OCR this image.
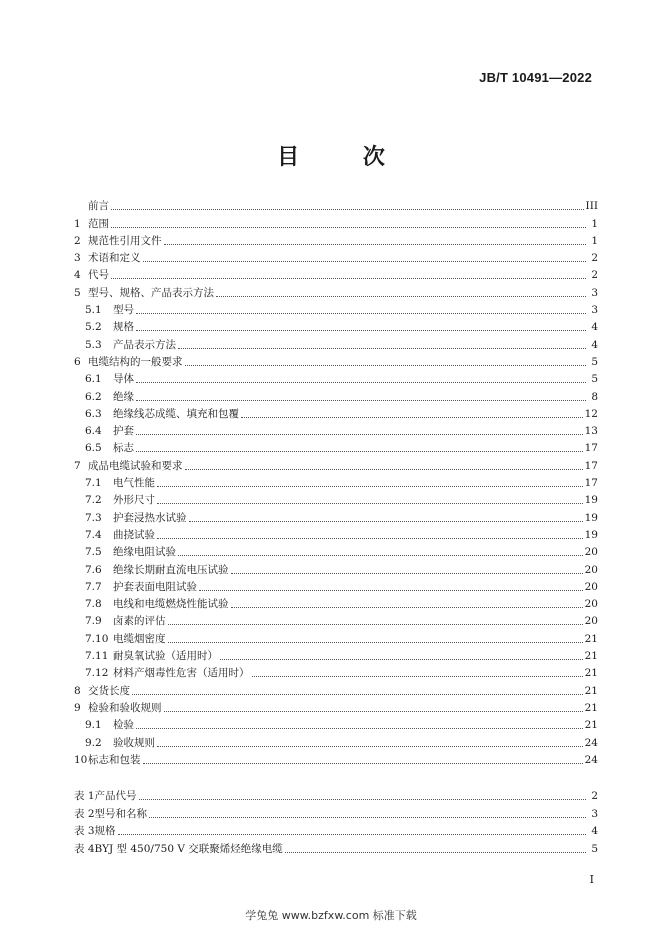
JB/T 10491—2022
目 次
前言	III
1 范围	1
2 规范性引用文件	1
3 术语和定义	2
4 代号	2
5 型号、规格、产品表示方法	3
5.1	型号	3
5.2	规格	4
5.3	产品表示方法	4
6 电缆结构的一般要求	5
6.1	导体	5
6.2	绝缘	8
6.3	绝缘线芯成缆、填充和包覆	12
6.4	护套	13
6.5	标志	17
7 成品电缆试验和要求	17
7.1	电气性能	17
7.2	外形尺寸	19
7.3	护套浸热水试验	19
7.4	曲挠试验	19
7.5	绝缘电阻试验	20
7.6	绝缘长期耐直流电压试验	20
7.7	护套表面电阻试验	20
7.8	电线和电缆燃烧性能试验	20
7.9	卤素的评估	20
7.10 电缆烟密度	21
7.11 耐臭氧试验（适用时）	21
7.12 材料产烟毒性危害（适用时）	21
8 交货长度	21
9 检验和验收规则	21
9.1	检验	21
9.2	验收规则	24
10 标志和包装	24
表 1 产品代号	2
表 2 型号和名称	3
表 3 规格	4
表 4 BYJ 型 450/750 V 交联聚烯烃绝缘电缆	5
I
学兔兔 www.bzfxw.com 标准下载
